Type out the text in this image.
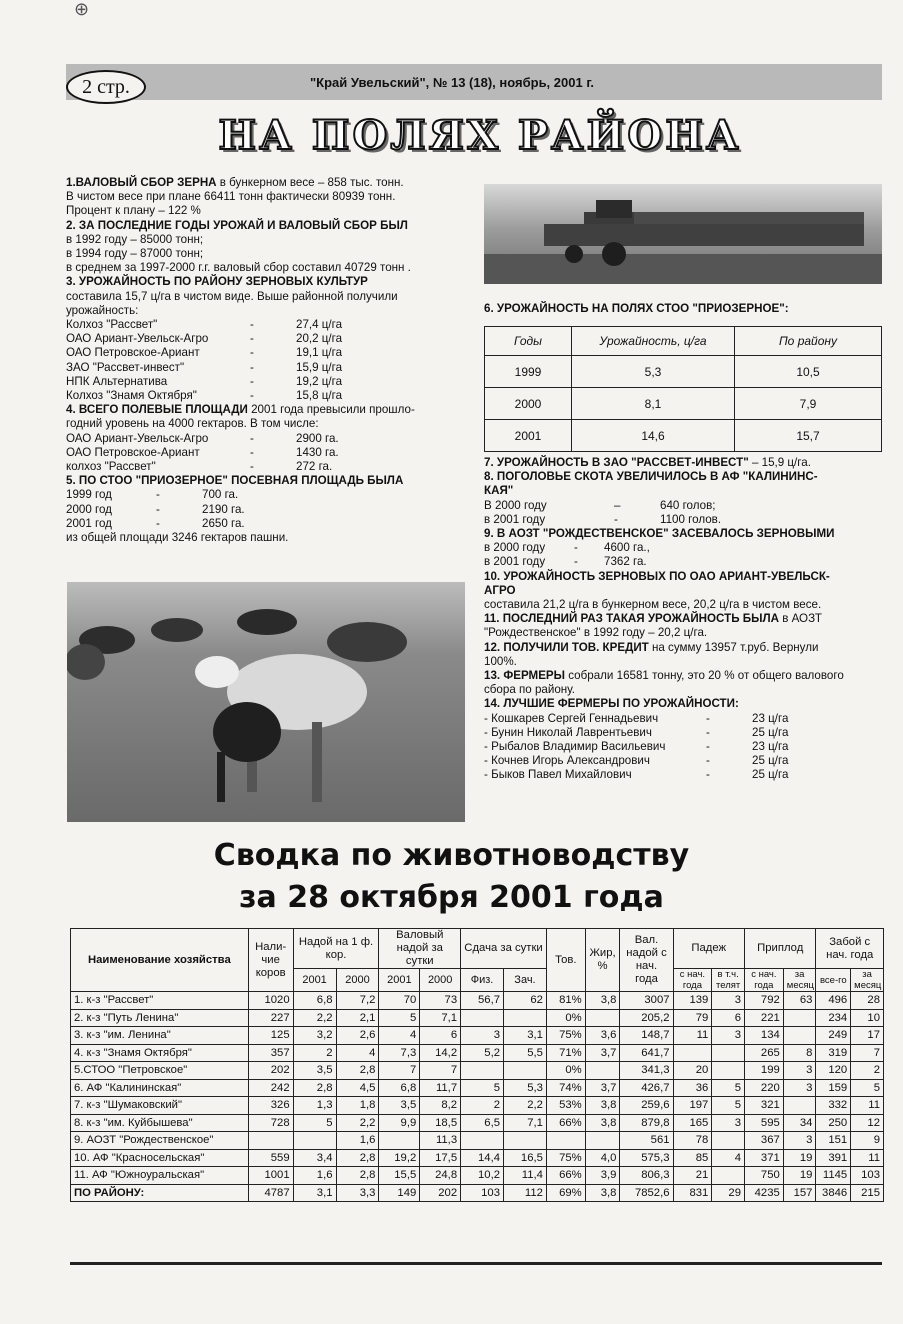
⊕
2 стр.	"Край Увельский", № 13 (18), ноябрь, 2001 г.
НА ПОЛЯХ РАЙОНА

1.ВАЛОВЫЙ СБОР ЗЕРНА в бункерном весе – 858 тыс. тонн.

В чистом весе при плане 66411 тонн фактически 80939 тонн.

Процент к плану – 122 %

2. ЗА ПОСЛЕДНИЕ ГОДЫ УРОЖАЙ И ВАЛОВЫЙ СБОР БЫЛ

в 1992 году – 85000 тонн;

в 1994 году – 87000 тонн;

в среднем за 1997-2000 г.г. валовый сбор составил 40729 тонн .

3. УРОЖАЙНОСТЬ ПО РАЙОНУ ЗЕРНОВЫХ КУЛЬТУР

составила 15,7 ц/га в чистом виде. Выше районной получили

урожайность:

Колхоз "Рассвет"	-	27,4 ц/га
ОАО Ариант-Увельск-Агро	-	20,2 ц/га
ОАО Петровское-Ариант	-	19,1 ц/га
ЗАО "Рассвет-инвест"	-	15,9 ц/га
НПК Альтернатива	-	19,2 ц/га
Колхоз "Знамя Октября"	-	15,8 ц/га

4. ВСЕГО ПОЛЕВЫЕ ПЛОЩАДИ 2001 года превысили прошло-

годний уровень на 4000 гектаров. В том числе:

ОАО Ариант-Увельск-Агро	-	2900 га.
ОАО Петровское-Ариант	-	1430 га.
колхоз "Рассвет"	-	272 га.

5. ПО СТОО "ПРИОЗЕРНОЕ" ПОСЕВНАЯ ПЛОЩАДЬ БЫЛА

1999 год	-	700 га.
2000 год	-	2190 га.
2001 год	-	2650 га.

из общей площади 3246 гектаров пашни.

6. УРОЖАЙНОСТЬ НА ПОЛЯХ СТОО "ПРИОЗЕРНОЕ":

Годы	Урожайность, ц/га	По району
1999	5,3	10,5
2000	8,1	7,9
2001	14,6	15,7

7. УРОЖАЙНОСТЬ В ЗАО "РАССВЕТ-ИНВЕСТ" – 15,9 ц/га.

8. ПОГОЛОВЬЕ СКОТА УВЕЛИЧИЛОСЬ В АФ "КАЛИНИНС-

КАЯ"

В 2000 году	–	640 голов;
в 2001 году	-	1100 голов.

9. В АОЗТ "РОЖДЕСТВЕНСКОЕ" ЗАСЕВАЛОСЬ ЗЕРНОВЫМИ

в 2000 году	-	4600 га.,
в 2001 году	-	7362 га.

10. УРОЖАЙНОСТЬ ЗЕРНОВЫХ ПО ОАО АРИАНТ-УВЕЛЬСК-

АГРО

составила 21,2 ц/га в бункерном весе, 20,2 ц/га в чистом весе.

11. ПОСЛЕДНИЙ РАЗ ТАКАЯ УРОЖАЙНОСТЬ БЫЛА в АОЗТ

"Рождественское" в 1992 году – 20,2 ц/га.

12. ПОЛУЧИЛИ ТОВ. КРЕДИТ на сумму 13957 т.руб. Вернули

100%.

13. ФЕРМЕРЫ собрали 16581 тонну, это 20 % от общего валового

сбора по району.

14. ЛУЧШИЕ ФЕРМЕРЫ ПО УРОЖАЙНОСТИ:

- Кошкарев Сергей Геннадьевич	-	23 ц/га
- Бунин Николай Лаврентьевич	-	25 ц/га
- Рыбалов Владимир Васильевич	-	23 ц/га
- Кочнев Игорь Александрович	-	25 ц/га
- Быков Павел Михайлович	-	25 ц/га
Сводка по животноводству
за 28 октября 2001 года
Наименование хозяйства	Нали-чие коров	Надой на 1 ф. кор.		Валовый надой за сутки		Сдача за сутки		Тов.	Жир, %	Вал. надой с нач. года	Падеж		Приплод		Забой с нач. года	
		2001	2000	2001	2000	Физ.	Зач.				с нач. года	в т.ч. телят	с нач. года	за месяц	все-го	за месяц
1. к-з "Рассвет"	1020	6,8	7,2	70	73	56,7	62	81%	3,8	3007	139	3	792	63	496	28
2. к-з "Путь Ленина"	227	2,2	2,1	5	7,1			0%		205,2	79	6	221		234	10
3. к-з "им. Ленина"	125	3,2	2,6	4	6	3	3,1	75%	3,6	148,7	11	3	134		249	17
4. к-з "Знамя Октября"	357	2	4	7,3	14,2	5,2	5,5	71%	3,7	641,7			265	8	319	7
5.СТОО "Петровское"	202	3,5	2,8	7	7			0%		341,3	20		199	3	120	2
6. АФ "Калининская"	242	2,8	4,5	6,8	11,7	5	5,3	74%	3,7	426,7	36	5	220	3	159	5
7. к-з "Шумаковский"	326	1,3	1,8	3,5	8,2	2	2,2	53%	3,8	259,6	197	5	321		332	11
8. к-з "им. Куйбышева"	728	5	2,2	9,9	18,5	6,5	7,1	66%	3,8	879,8	165	3	595	34	250	12
9. АОЗТ "Рождественское"			1,6		11,3					561	78		367	3	151	9
10. АФ "Красносельская"	559	3,4	2,8	19,2	17,5	14,4	16,5	75%	4,0	575,3	85	4	371	19	391	11
11. АФ "Южноуральская"	1001	1,6	2,8	15,5	24,8	10,2	11,4	66%	3,9	806,3	21		750	19	1145	103
ПО РАЙОНУ:	4787	3,1	3,3	149	202	103	112	69%	3,8	7852,6	831	29	4235	157	3846	215
